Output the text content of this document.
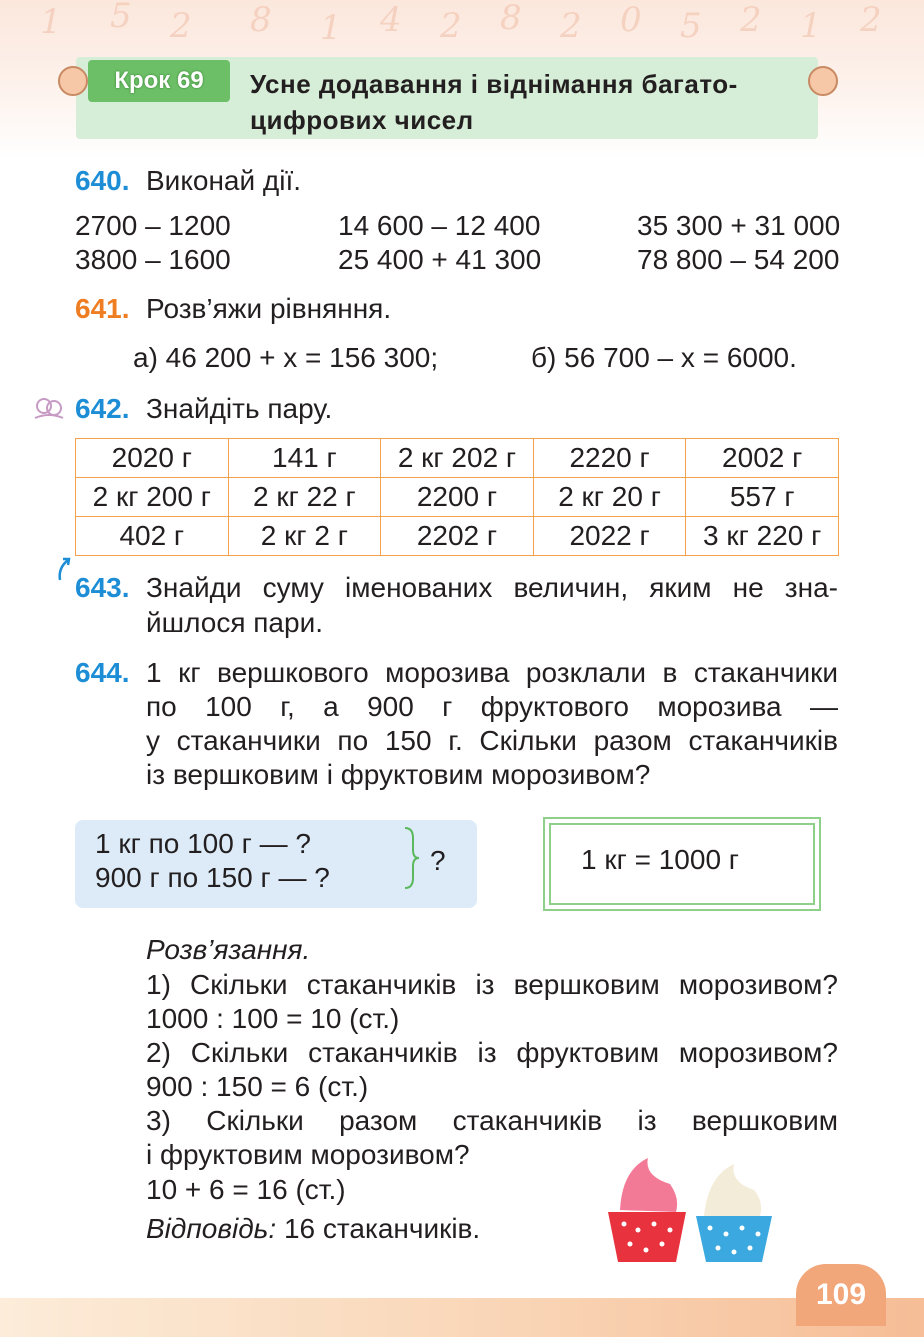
1 5 2 8 1 4 2 8 2 0 5 2 1 2
Крок 69	Усне додавання і віднімання багато-цифрових чисел
640. Виконай дії.
2700 – 1200	14 600 – 12 400	35 300 + 31 000
3800 – 1600	25 400 + 41 300	78 800 – 54 200
641. Розв’яжи рівняння.
а) 46 200 + x = 156 300;	б) 56 700 – x = 6000.
642. Знайдіть пару.
2020 г	141 г	2 кг 202 г	2220 г	2002 г
2 кг 200 г	2 кг 22 г	2200 г	2 кг 20 г	557 г
402 г	2 кг 2 г	2202 г	2022 г	3 кг 220 г
643. Знайди суму іменованих величин, яким не зна-
йшлося пари.
644. 1 кг вершкового морозива розклали в стаканчики
по 100 г, а 900 г фруктового морозива —
у стаканчики по 150 г. Скільки разом стаканчиків
із вершковим і фруктовим морозивом?
1 кг по 100 г — ?
900 г по 150 г — ?
?	1 кг = 1000 г
Розв’язання.
1) Скільки стаканчиків із вершковим морозивом?
1000 : 100 = 10 (ст.)
2) Скільки стаканчиків із фруктовим морозивом?
900 : 150 = 6 (ст.)
3) Скільки разом стаканчиків із вершковим
і фруктовим морозивом?
10 + 6 = 16 (ст.)
Відповідь: 16 стаканчиків.
109
